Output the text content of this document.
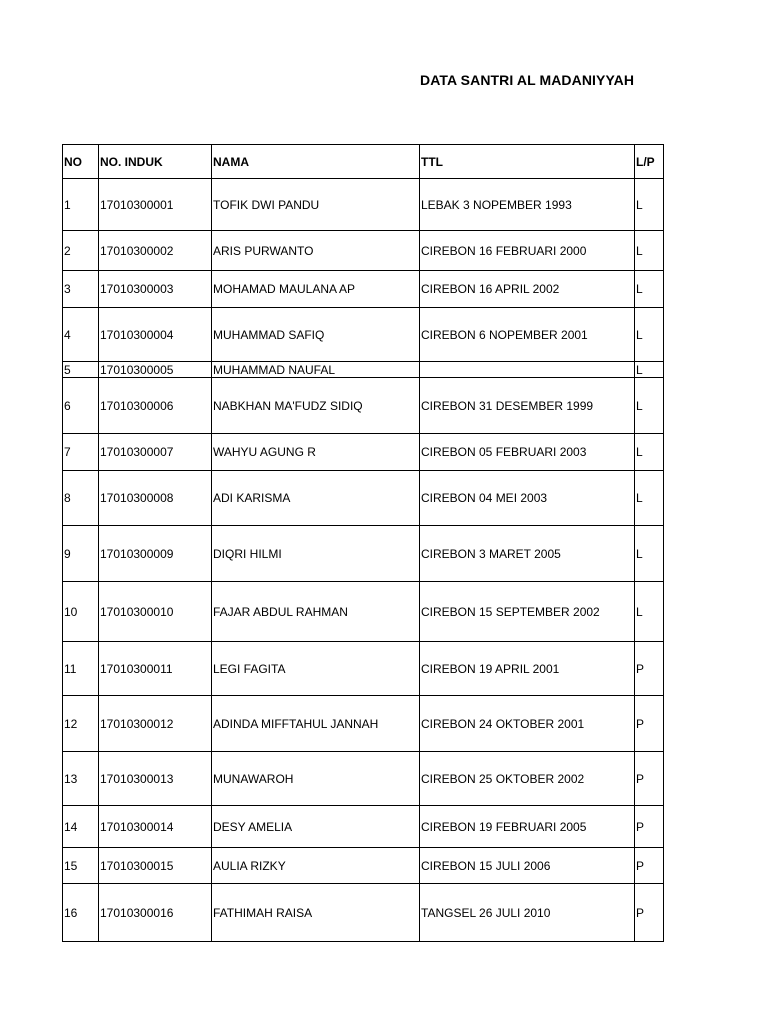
DATA SANTRI AL MADANIYYAH
NO	NO. INDUK	NAMA	TTL	L/P
1	17010300001	TOFIK DWI PANDU	LEBAK 3 NOPEMBER 1993	L
2	17010300002	ARIS PURWANTO	CIREBON 16 FEBRUARI 2000	L
3	17010300003	MOHAMAD MAULANA AP	CIREBON 16 APRIL 2002	L
4	17010300004	MUHAMMAD SAFIQ	CIREBON 6 NOPEMBER 2001	L
5	17010300005	MUHAMMAD NAUFAL		L
6	17010300006	NABKHAN MA'FUDZ SIDIQ	CIREBON 31 DESEMBER 1999	L
7	17010300007	WAHYU AGUNG R	CIREBON 05 FEBRUARI 2003	L
8	17010300008	ADI KARISMA	CIREBON 04 MEI 2003	L
9	17010300009	DIQRI HILMI	CIREBON 3 MARET 2005	L
10	17010300010	FAJAR ABDUL RAHMAN	CIREBON 15 SEPTEMBER 2002	L
11	17010300011	LEGI FAGITA	CIREBON 19 APRIL 2001	P
12	17010300012	ADINDA MIFFTAHUL JANNAH	CIREBON 24 OKTOBER 2001	P
13	17010300013	MUNAWAROH	CIREBON 25 OKTOBER 2002	P
14	17010300014	DESY AMELIA	CIREBON 19 FEBRUARI 2005	P
15	17010300015	AULIA RIZKY	CIREBON 15 JULI 2006	P
16	17010300016	FATHIMAH RAISA	TANGSEL 26 JULI 2010	P
